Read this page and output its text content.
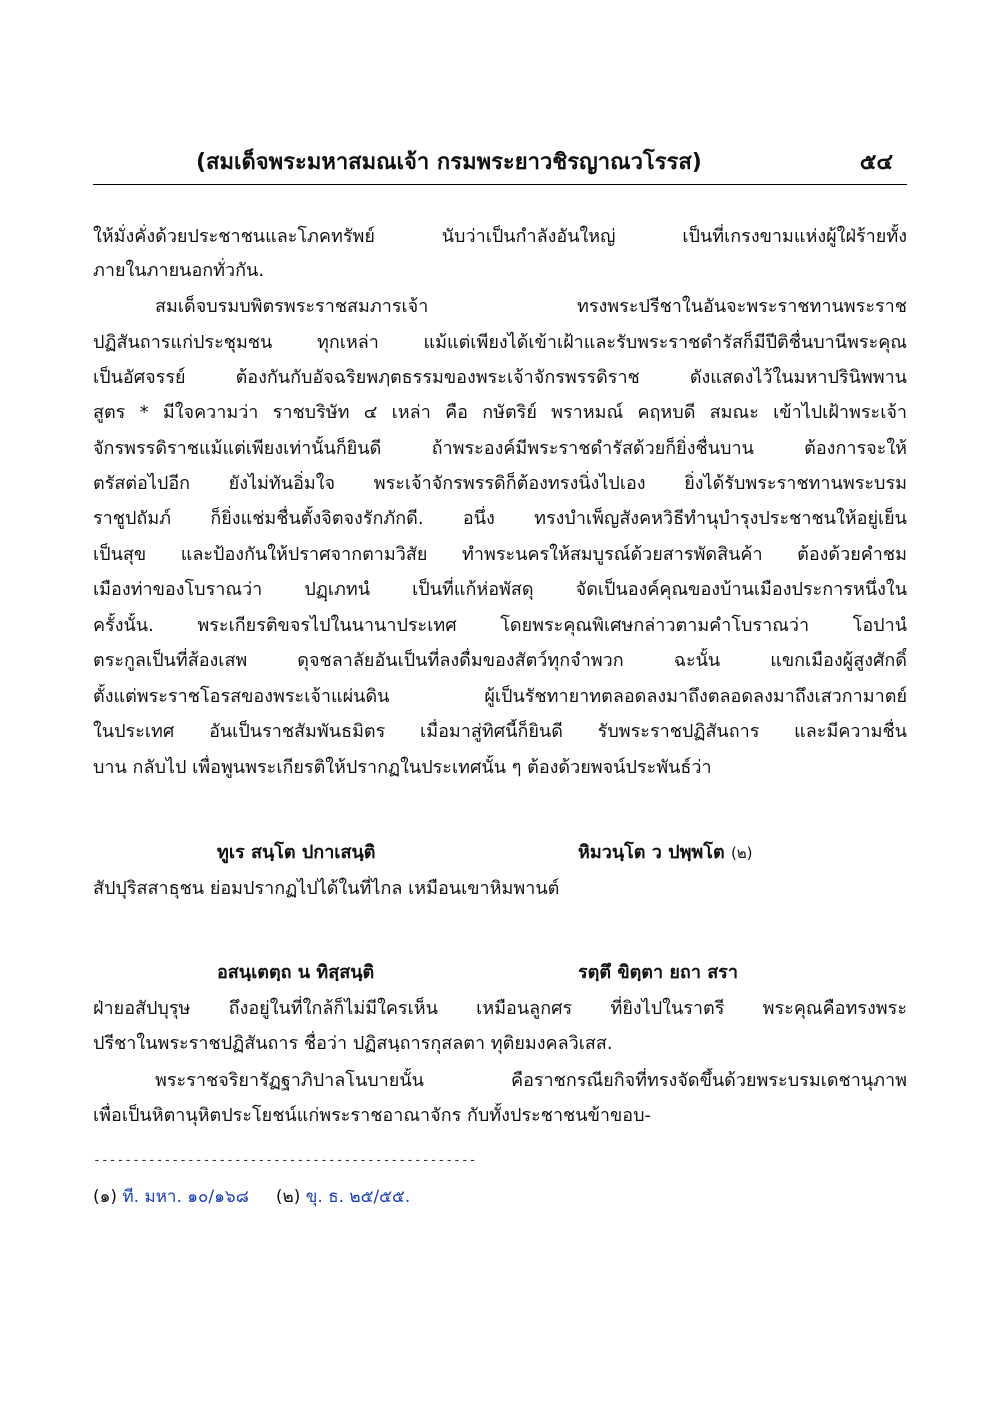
(สมเด็จพระมหาสมณเจ้า กรมพระยาวชิรญาณวโรรส)	๕๔
ให้มั่งคั่งด้วยประชาชนและโภคทรัพย์ นับว่าเป็นกำลังอันใหญ่ เป็นที่เกรงขามแห่งผู้ใฝ่ร้ายทั้ง
ภายในภายนอกทั่วกัน.
สมเด็จบรมบพิตรพระราชสมภารเจ้า ทรงพระปรีชาในอันจะพระราชทานพระราช
ปฏิสันถารแก่ประชุมชน ทุกเหล่า แม้แต่เพียงได้เข้าเฝ้าและรับพระราชดำรัสก็มีปีติชื่นบานีพระคุณ
เป็นอัศจรรย์ ต้องกันกับอัจฉริยพฦตธรรมของพระเจ้าจักรพรรดิราช ดังแสดงไว้ในมหาปรินิพพาน
สูตร * มีใจความว่า ราชบริษัท ๔ เหล่า คือ กษัตริย์ พราหมณ์ คฤหบดี สมณะ เข้าไปเฝ้าพระเจ้า
จักรพรรดิราชแม้แต่เพียงเท่านั้นก็ยินดี ถ้าพระองค์มีพระราชดำรัสด้วยก็ยิ่งชื่นบาน ต้องการจะให้
ตรัสต่อไปอีก ยังไม่ทันอิ่มใจ พระเจ้าจักรพรรดิก็ต้องทรงนิ่งไปเอง ยิ่งได้รับพระราชทานพระบรม
ราชูปถัมภ์ ก็ยิ่งแช่มชื่นตั้งจิตจงรักภักดี. อนึ่ง ทรงบำเพ็ญสังคหวิธีทำนุบำรุงประชาชนให้อยู่เย็น
เป็นสุข และป้องกันให้ปราศจากตามวิสัย ทำพระนครให้สมบูรณ์ด้วยสารพัดสินค้า ต้องด้วยคำชม
เมืองท่าของโบราณว่า ปฏฺเภทนํ เป็นที่แก้ห่อพัสดุ จัดเป็นองค์คุณของบ้านเมืองประการหนึ่งใน
ครั้งนั้น. พระเกียรติขจรไปในนานาประเทศ โดยพระคุณพิเศษกล่าวตามคำโบราณว่า โอปานํ
ตระกูลเป็นที่ส้องเสพ ดุจชลาลัยอันเป็นที่ลงดื่มของสัตว์ทุกจำพวก ฉะนั้น แขกเมืองผู้สูงศักดิ์
ตั้งแต่พระราชโอรสของพระเจ้าแผ่นดิน ผู้เป็นรัชทายาทตลอดลงมาถึงตลอดลงมาถึงเสวกามาตย์
ในประเทศ อันเป็นราชสัมพันธมิตร เมื่อมาสู่ทิศนี้ก็ยินดี รับพระราชปฏิสันถาร และมีความชื่น
บาน กลับไป เพื่อพูนพระเกียรติให้ปรากฏในประเทศนั้น ๆ ต้องด้วยพจน์ประพันธ์ว่า
ทูเร สนฺโต ปกาเสนฺติ	หิมวนฺโต ว ปพฺพโต (๒)
สัปปุริสสาธุชน ย่อมปรากฏไปได้ในที่ไกล เหมือนเขาหิมพานต์
อสนฺเตตฺถ น ทิสฺสนฺติ	รตฺตึ ขิตฺตา ยถา สรา
ฝ่ายอสัปบุรุษ ถึงอยู่ในที่ใกล้ก็ไม่มีใครเห็น เหมือนลูกศร ที่ยิงไปในราตรี พระคุณคือทรงพระ
ปรีชาในพระราชปฏิสันถาร ชื่อว่า ปฏิสนฺถารกุสลตา ทุติยมงคลวิเสส.
พระราชจริยารัฏฐาภิปาลโนบายนั้น คือราชกรณียกิจที่ทรงจัดขึ้นด้วยพระบรมเดชานุภาพ
เพื่อเป็นหิตานุหิตประโยชน์แก่พระราชอาณาจักร กับทั้งประชาชนข้าขอบ-
-------------------------------------------------
(๑) ที. มหา. ๑๐/๑๖๘ (๒) ขุ. ธ. ๒๕/๕๕.
